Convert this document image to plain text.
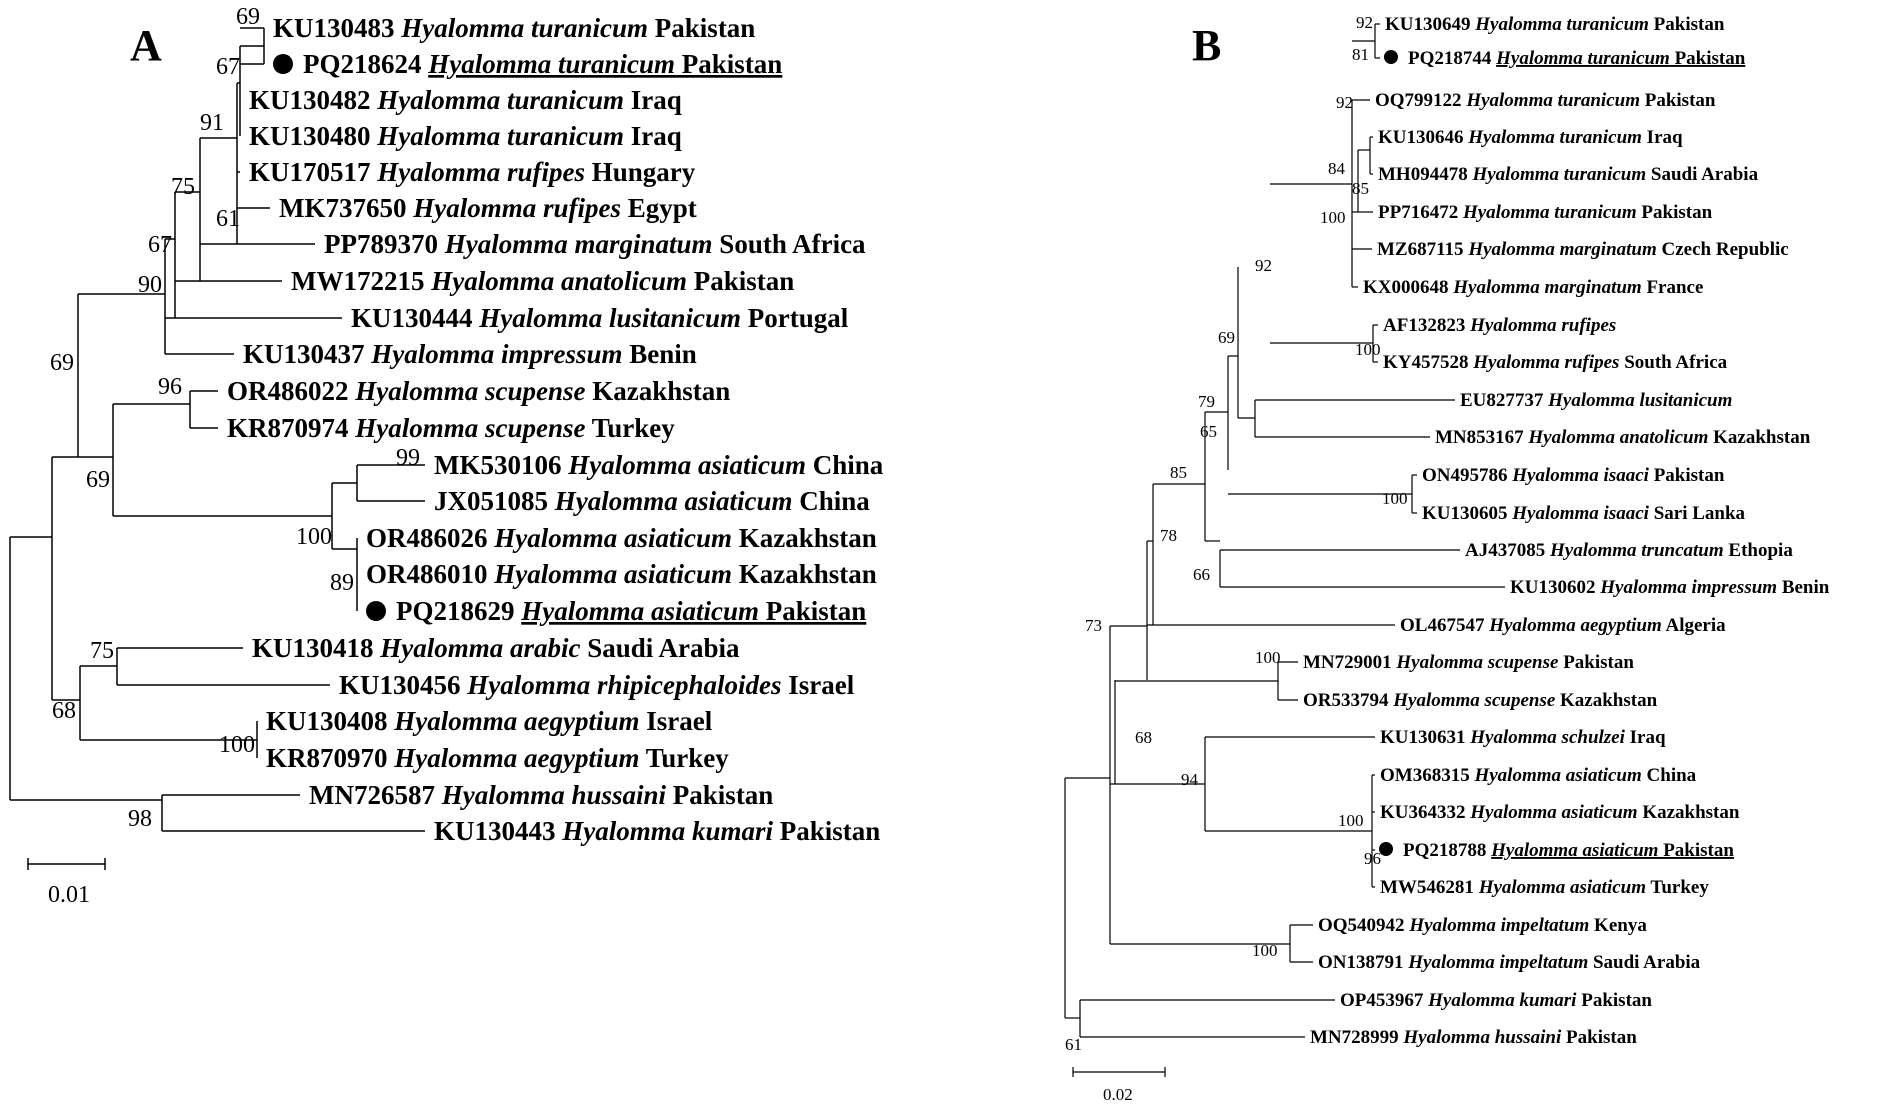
KU130483 Hyalomma turanicum Pakistan
PQ218624 Hyalomma turanicum Pakistan
KU130482 Hyalomma turanicum Iraq
KU130480 Hyalomma turanicum Iraq
KU170517 Hyalomma rufipes Hungary
MK737650 Hyalomma rufipes Egypt
PP789370 Hyalomma marginatum South Africa
MW172215 Hyalomma anatolicum Pakistan
KU130444 Hyalomma lusitanicum Portugal
KU130437 Hyalomma impressum Benin
OR486022 Hyalomma scupense Kazakhstan
KR870974 Hyalomma scupense Turkey
MK530106 Hyalomma asiaticum China
JX051085 Hyalomma asiaticum China
OR486026 Hyalomma asiaticum Kazakhstan
OR486010 Hyalomma asiaticum Kazakhstan
PQ218629 Hyalomma asiaticum Pakistan
KU130418 Hyalomma arabic Saudi Arabia
KU130456 Hyalomma rhipicephaloides Israel
KU130408 Hyalomma aegyptium Israel
KR870970 Hyalomma aegyptium Turkey
MN726587 Hyalomma hussaini Pakistan
KU130443 Hyalomma kumari Pakistan
69
67
91
61
75
67
90
96
69
69
99
100
89
75
68
100
98
A
0.01
KU130649 Hyalomma turanicum Pakistan
PQ218744 Hyalomma turanicum Pakistan
OQ799122 Hyalomma turanicum Pakistan
KU130646 Hyalomma turanicum Iraq
MH094478 Hyalomma turanicum Saudi Arabia
PP716472 Hyalomma turanicum Pakistan
MZ687115 Hyalomma marginatum Czech Republic
KX000648 Hyalomma marginatum France
AF132823 Hyalomma rufipes
KY457528 Hyalomma rufipes South Africa
EU827737 Hyalomma lusitanicum
MN853167 Hyalomma anatolicum Kazakhstan
ON495786 Hyalomma isaaci Pakistan
KU130605 Hyalomma isaaci Sari Lanka
AJ437085 Hyalomma truncatum Ethopia
KU130602 Hyalomma impressum Benin
OL467547 Hyalomma aegyptium Algeria
MN729001 Hyalomma scupense Pakistan
OR533794 Hyalomma scupense Kazakhstan
KU130631 Hyalomma schulzei Iraq
OM368315 Hyalomma asiaticum China
KU364332 Hyalomma asiaticum Kazakhstan
PQ218788 Hyalomma asiaticum Pakistan
MW546281 Hyalomma asiaticum Turkey
OQ540942 Hyalomma impeltatum Kenya
ON138791 Hyalomma impeltatum Saudi Arabia
OP453967 Hyalomma kumari Pakistan
MN728999 Hyalomma hussaini Pakistan
92
81
92
84
85
100
92
100
69
79
65
100
85
66
78
100
68
94
100
96
73
100
61
B
0.02
